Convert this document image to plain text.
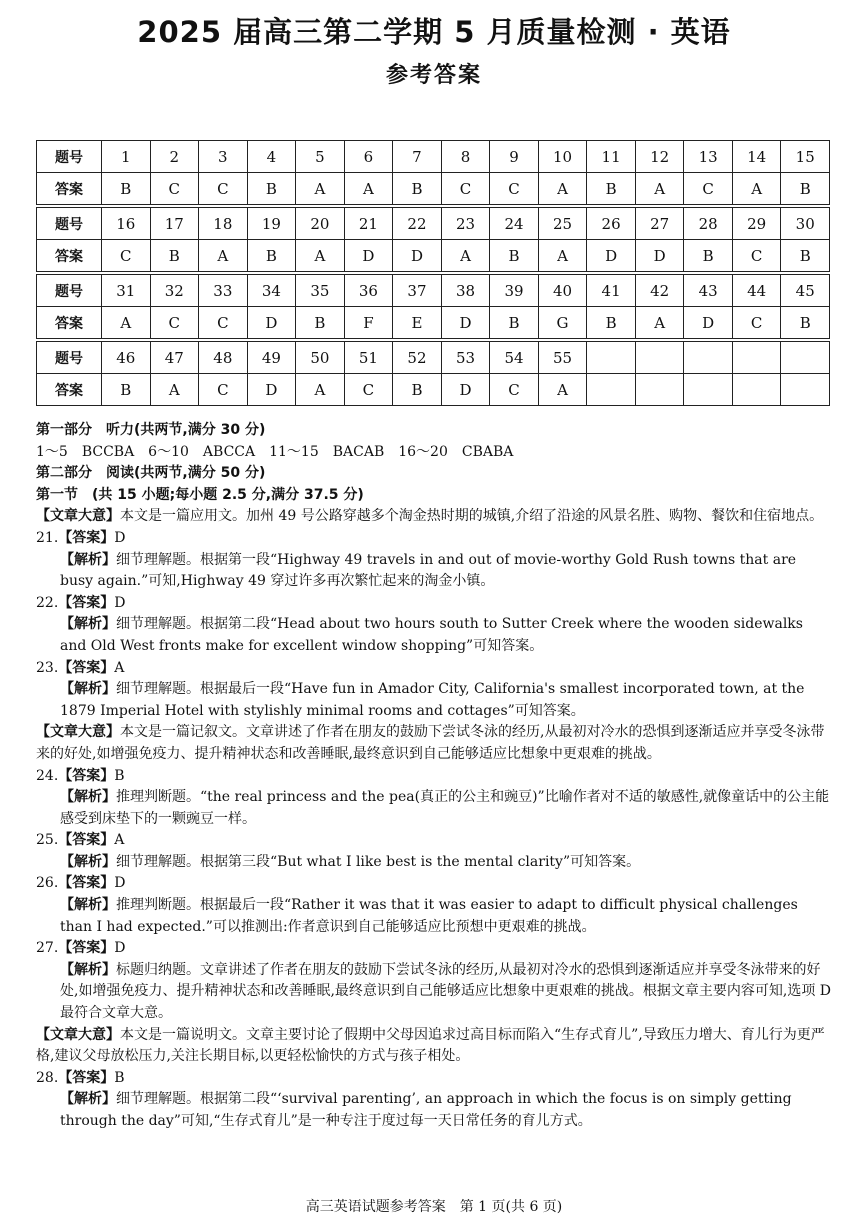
2025 届高三第二学期 5 月质量检测 · 英语
参考答案
题号	1	2	3	4	5	6	7	8	9	10	11	12	13	14	15
答案	B	C	C	B	A	A	B	C	C	A	B	A	C	A	B

题号	16	17	18	19	20	21	22	23	24	25	26	27	28	29	30
答案	C	B	A	B	A	D	D	A	B	A	D	D	B	C	B

题号	31	32	33	34	35	36	37	38	39	40	41	42	43	44	45
答案	A	C	C	D	B	F	E	D	B	G	B	A	D	C	B

题号	46	47	48	49	50	51	52	53	54	55					
答案	B	A	C	D	A	C	B	D	C	A					

第一部分　听力(共两节,满分 30 分)

1～5　BCCBA　6～10　ABCCA　11～15　BACAB　16～20　CBABA

第二部分　阅读(共两节,满分 50 分)

第一节　(共 15 小题;每小题 2.5 分,满分 37.5 分)

【文章大意】本文是一篇应用文。加州 49 号公路穿越多个淘金热时期的城镇,介绍了沿途的风景名胜、购物、餐饮和住宿地点。

21.【答案】D

【解析】细节理解题。根据第一段“Highway 49 travels in and out of movie-worthy Gold Rush towns that are busy again.”可知,Highway 49 穿过许多再次繁忙起来的淘金小镇。

22.【答案】D

【解析】细节理解题。根据第二段“Head about two hours south to Sutter Creek where the wooden sidewalks and Old West fronts make for excellent window shopping”可知答案。

23.【答案】A

【解析】细节理解题。根据最后一段“Have fun in Amador City, California's smallest incorporated town, at the 1879 Imperial Hotel with stylishly minimal rooms and cottages”可知答案。

【文章大意】本文是一篇记叙文。文章讲述了作者在朋友的鼓励下尝试冬泳的经历,从最初对冷水的恐惧到逐渐适应并享受冬泳带来的好处,如增强免疫力、提升精神状态和改善睡眠,最终意识到自己能够适应比想象中更艰难的挑战。

24.【答案】B

【解析】推理判断题。“the real princess and the pea(真正的公主和豌豆)”比喻作者对不适的敏感性,就像童话中的公主能感受到床垫下的一颗豌豆一样。

25.【答案】A

【解析】细节理解题。根据第三段“But what I like best is the mental clarity”可知答案。

26.【答案】D

【解析】推理判断题。根据最后一段“Rather it was that it was easier to adapt to difficult physical challenges than I had expected.”可以推测出:作者意识到自己能够适应比预想中更艰难的挑战。

27.【答案】D

【解析】标题归纳题。文章讲述了作者在朋友的鼓励下尝试冬泳的经历,从最初对冷水的恐惧到逐渐适应并享受冬泳带来的好处,如增强免疫力、提升精神状态和改善睡眠,最终意识到自己能够适应比想象中更艰难的挑战。根据文章主要内容可知,选项 D 最符合文章大意。

【文章大意】本文是一篇说明文。文章主要讨论了假期中父母因追求过高目标而陷入“生存式育儿”,导致压力增大、育儿行为更严格,建议父母放松压力,关注长期目标,以更轻松愉快的方式与孩子相处。

28.【答案】B

【解析】细节理解题。根据第二段“‘survival parenting’, an approach in which the focus is on simply getting through the day”可知,“生存式育儿”是一种专注于度过每一天日常任务的育儿方式。

高三英语试题参考答案　第 1 页(共 6 页)
